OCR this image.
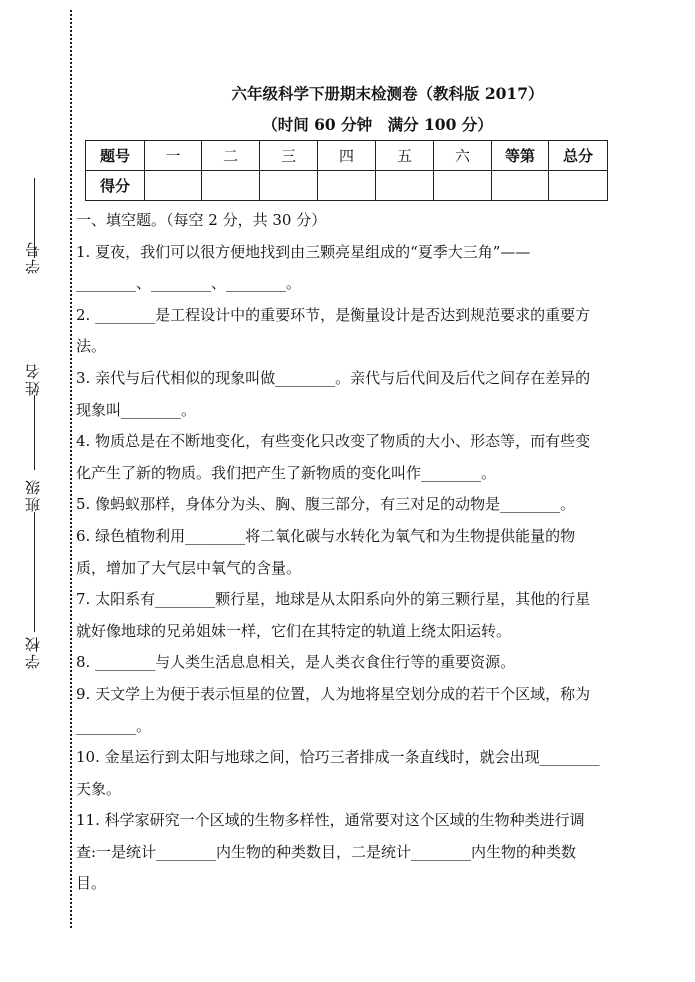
学号
姓名
班级
学校
六年级科学下册期末检测卷（教科版 2017）
（时间 60 分钟　满分 100 分）
题号	一	二	三	四	五	六	等第	总分
得分								

一、填空题。（每空 2 分，共 30 分）

1. 夏夜，我们可以很方便地找到由三颗亮星组成的“夏季大三角”——

________、________、________。

2. ________是工程设计中的重要环节，是衡量设计是否达到规范要求的重要方

法。

3. 亲代与后代相似的现象叫做________。亲代与后代间及后代之间存在差异的

现象叫________。

4. 物质总是在不断地变化，有些变化只改变了物质的大小、形态等，而有些变

化产生了新的物质。我们把产生了新物质的变化叫作________。

5. 像蚂蚁那样，身体分为头、胸、腹三部分，有三对足的动物是________。

6. 绿色植物利用________将二氧化碳与水转化为氧气和为生物提供能量的物

质，增加了大气层中氧气的含量。

7. 太阳系有________颗行星，地球是从太阳系向外的第三颗行星，其他的行星

就好像地球的兄弟姐妹一样，它们在其特定的轨道上绕太阳运转。

8. ________与人类生活息息相关，是人类衣食住行等的重要资源。

9. 天文学上为便于表示恒星的位置，人为地将星空划分成的若干个区域，称为

________。

10. 金星运行到太阳与地球之间，恰巧三者排成一条直线时，就会出现________

天象。

11. 科学家研究一个区域的生物多样性，通常要对这个区域的生物种类进行调

查:一是统计________内生物的种类数目，二是统计________内生物的种类数

目。
